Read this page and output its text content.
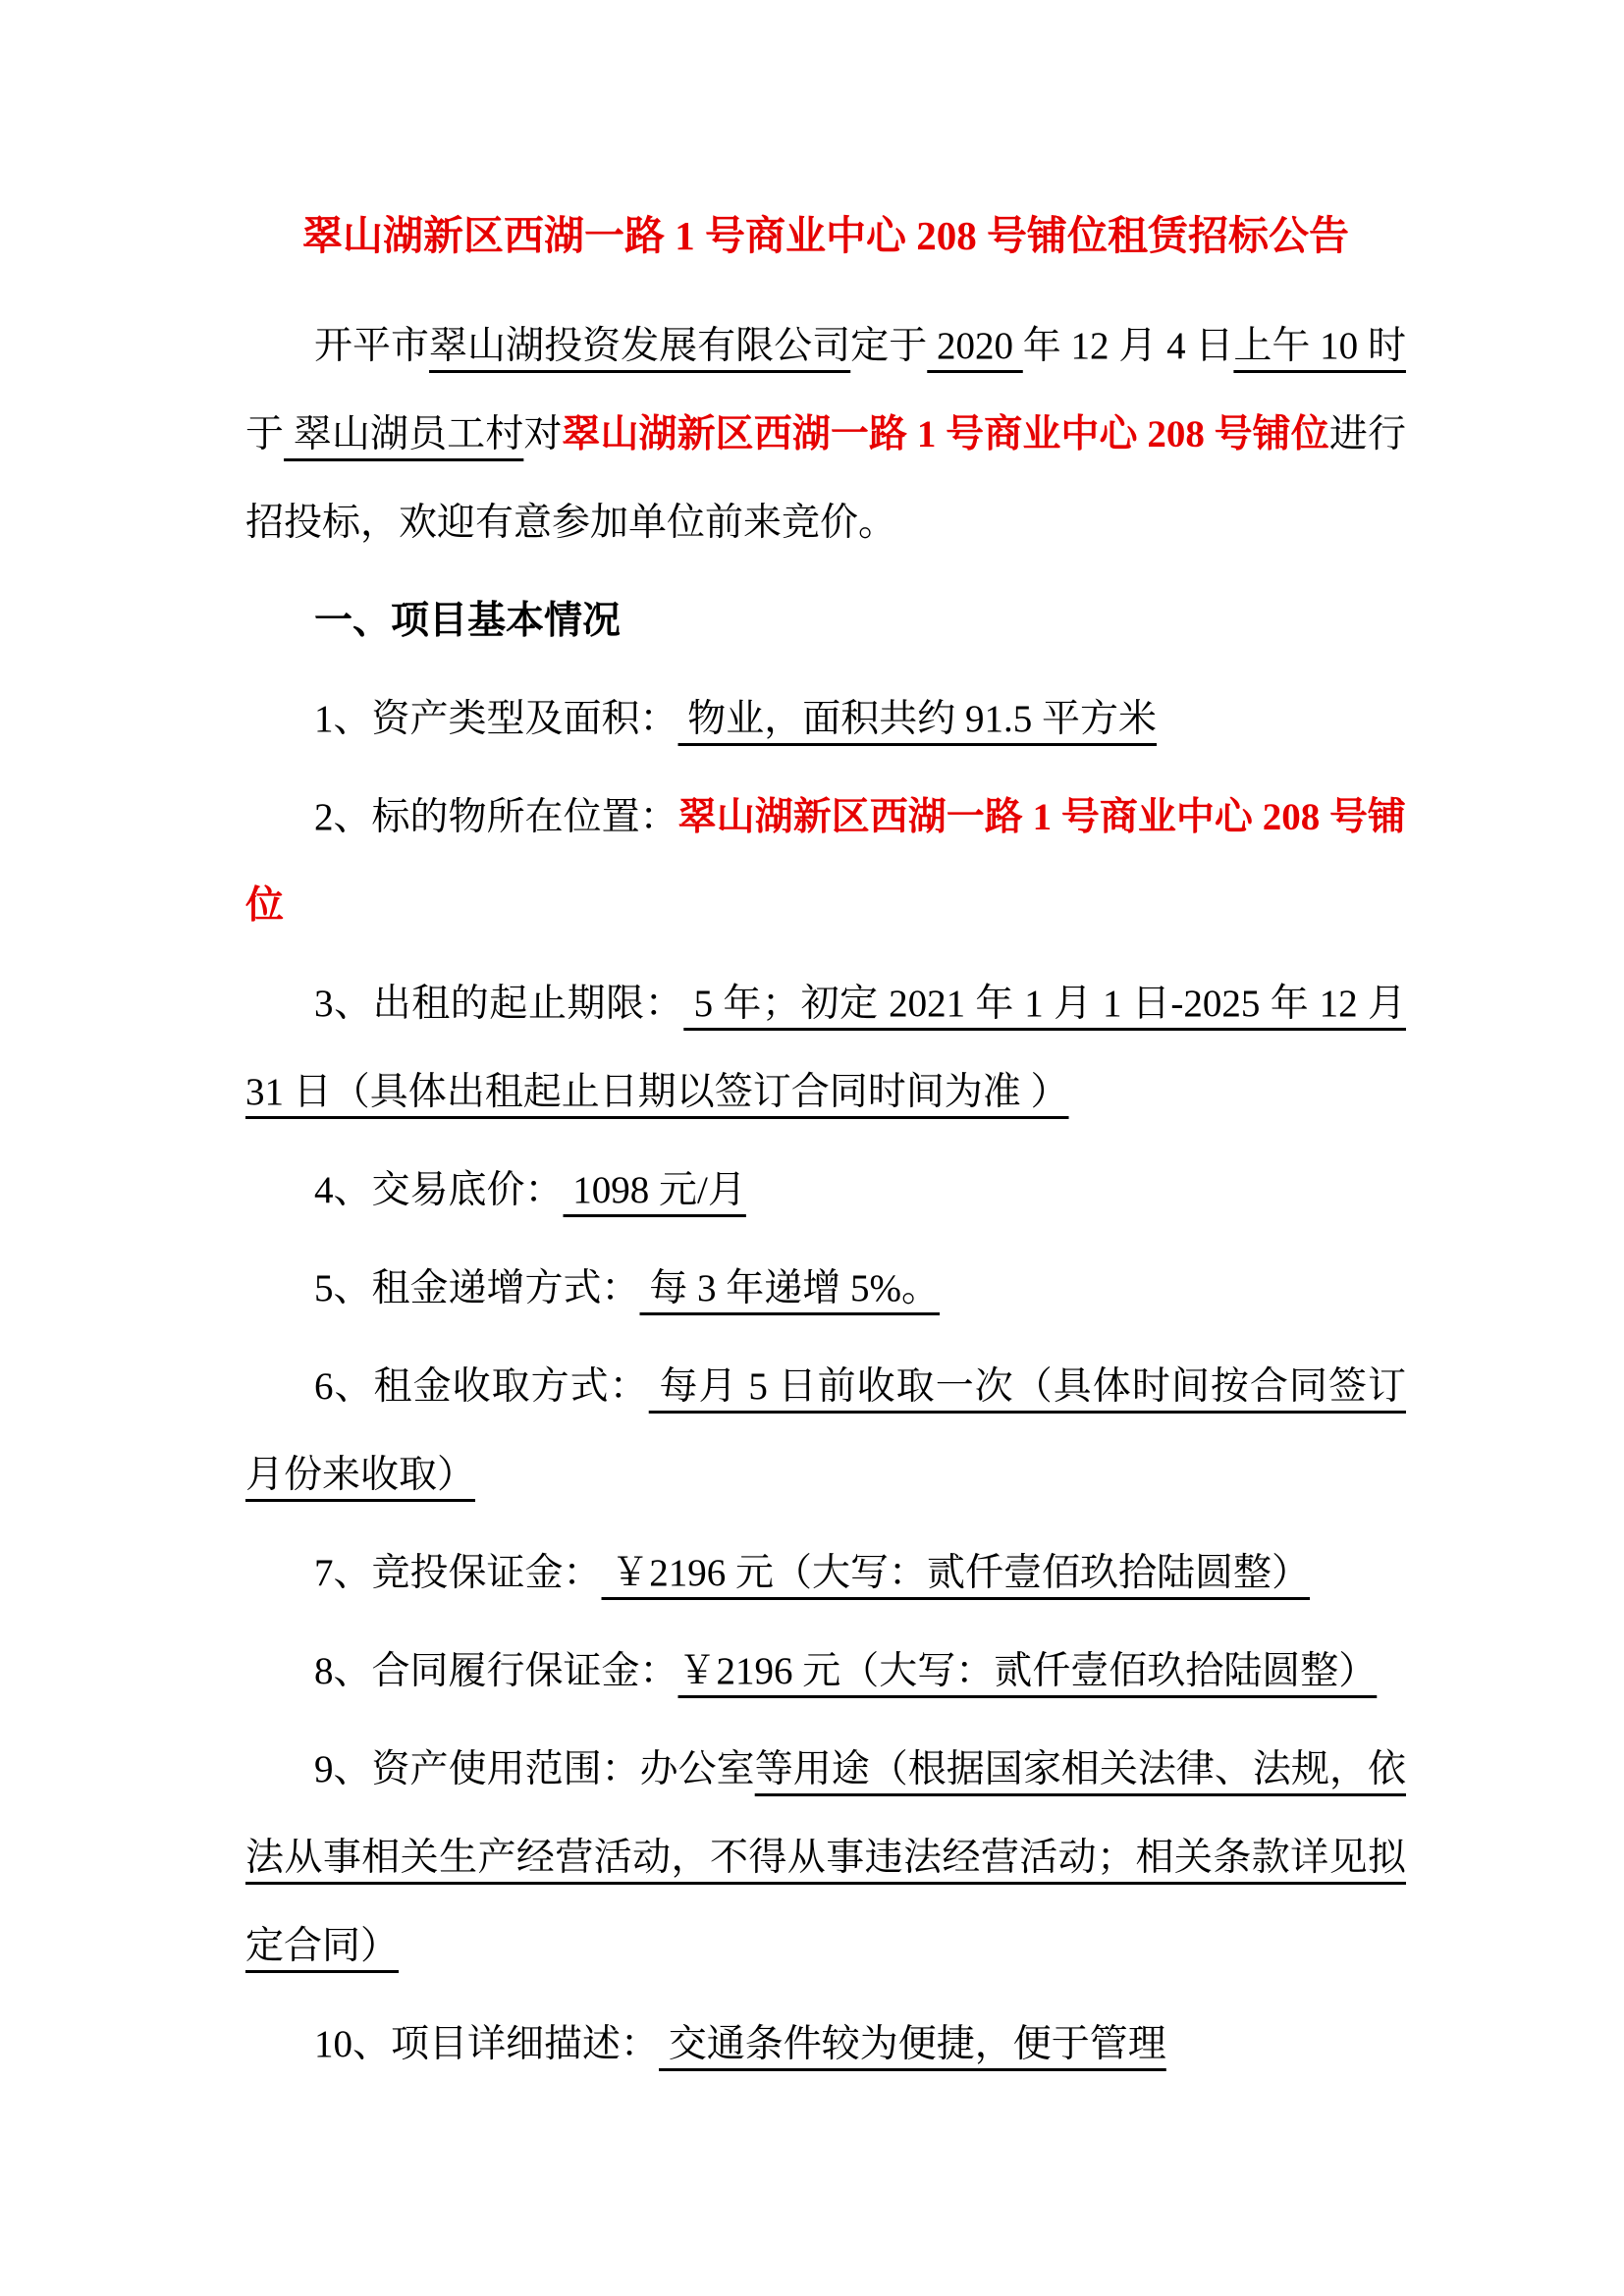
翠山湖新区西湖一路 1 号商业中心 208 号铺位租赁招标公告

开平市翠山湖投资发展有限公司定于 2020 年 12 月 4 日上午 10 时于 翠山湖员工村对翠山湖新区西湖一路 1 号商业中心 208 号铺位进行招投标，欢迎有意参加单位前来竞价。

一、项目基本情况

1、资产类型及面积： 物业，面积共约 91.5 平方米

2、标的物所在位置：翠山湖新区西湖一路 1 号商业中心 208 号铺位

3、出租的起止期限： 5 年；初定 2021 年 1 月 1 日-2025 年 12 月 31 日（具体出租起止日期以签订合同时间为准 ）

4、交易底价： 1098 元/月

5、租金递增方式： 每 3 年递增 5%。

6、租金收取方式： 每月 5 日前收取一次（具体时间按合同签订月份来收取）

7、竞投保证金： ￥2196 元（大写：贰仟壹佰玖拾陆圆整）

8、合同履行保证金：￥2196 元（大写：贰仟壹佰玖拾陆圆整）

9、资产使用范围：办公室等用途（根据国家相关法律、法规，依法从事相关生产经营活动，不得从事违法经营活动；相关条款详见拟定合同）

10、项目详细描述： 交通条件较为便捷，便于管理
